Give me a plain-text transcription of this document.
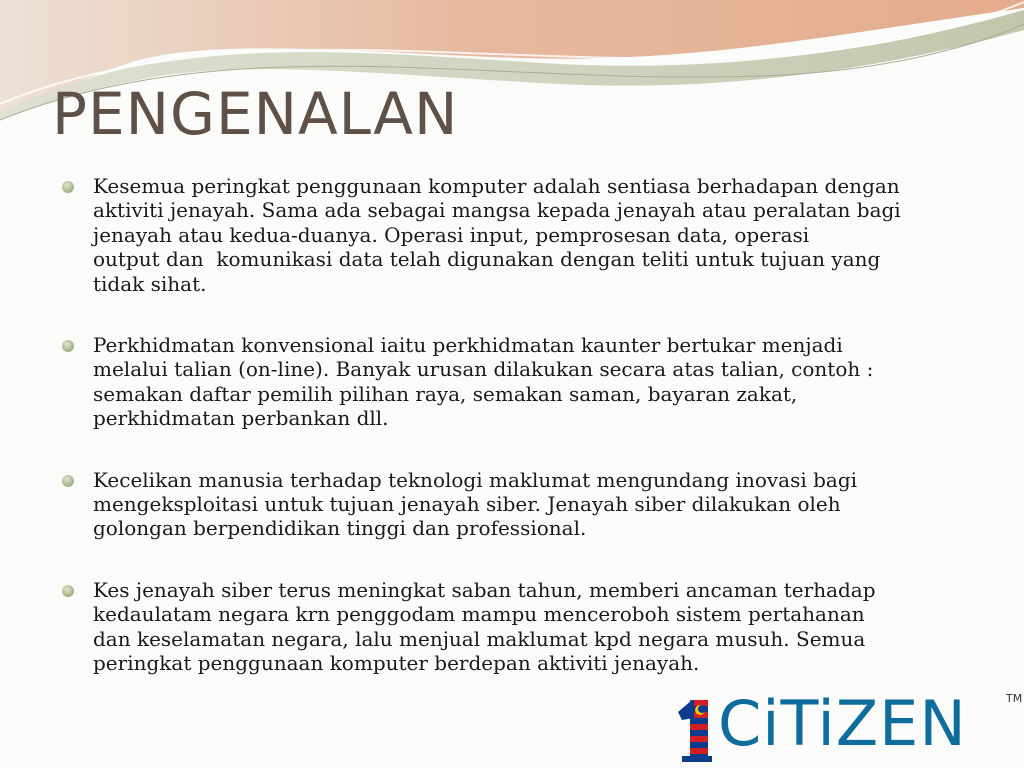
PENGENALAN
Kesemua peringkat penggunaan komputer adalah sentiasa berhadapan dengan
aktiviti jenayah. Sama ada sebagai mangsa kepada jenayah atau peralatan bagi
jenayah atau kedua-duanya. Operasi input, pemprosesan data, operasi
output dan  komunikasi data telah digunakan dengan teliti untuk tujuan yang
tidak sihat.
Perkhidmatan konvensional iaitu perkhidmatan kaunter bertukar menjadi
melalui talian (on-line). Banyak urusan dilakukan secara atas talian, contoh :
semakan daftar pemilih pilihan raya, semakan saman, bayaran zakat,
perkhidmatan perbankan dll.
Kecelikan manusia terhadap teknologi maklumat mengundang inovasi bagi
mengeksploitasi untuk tujuan jenayah siber. Jenayah siber dilakukan oleh
golongan berpendidikan tinggi dan professional.
Kes jenayah siber terus meningkat saban tahun, memberi ancaman terhadap
kedaulatam negara krn penggodam mampu menceroboh sistem pertahanan
dan keselamatan negara, lalu menjual maklumat kpd negara musuh. Semua
peringkat penggunaan komputer berdepan aktiviti jenayah.
CiTiZEN	TM
